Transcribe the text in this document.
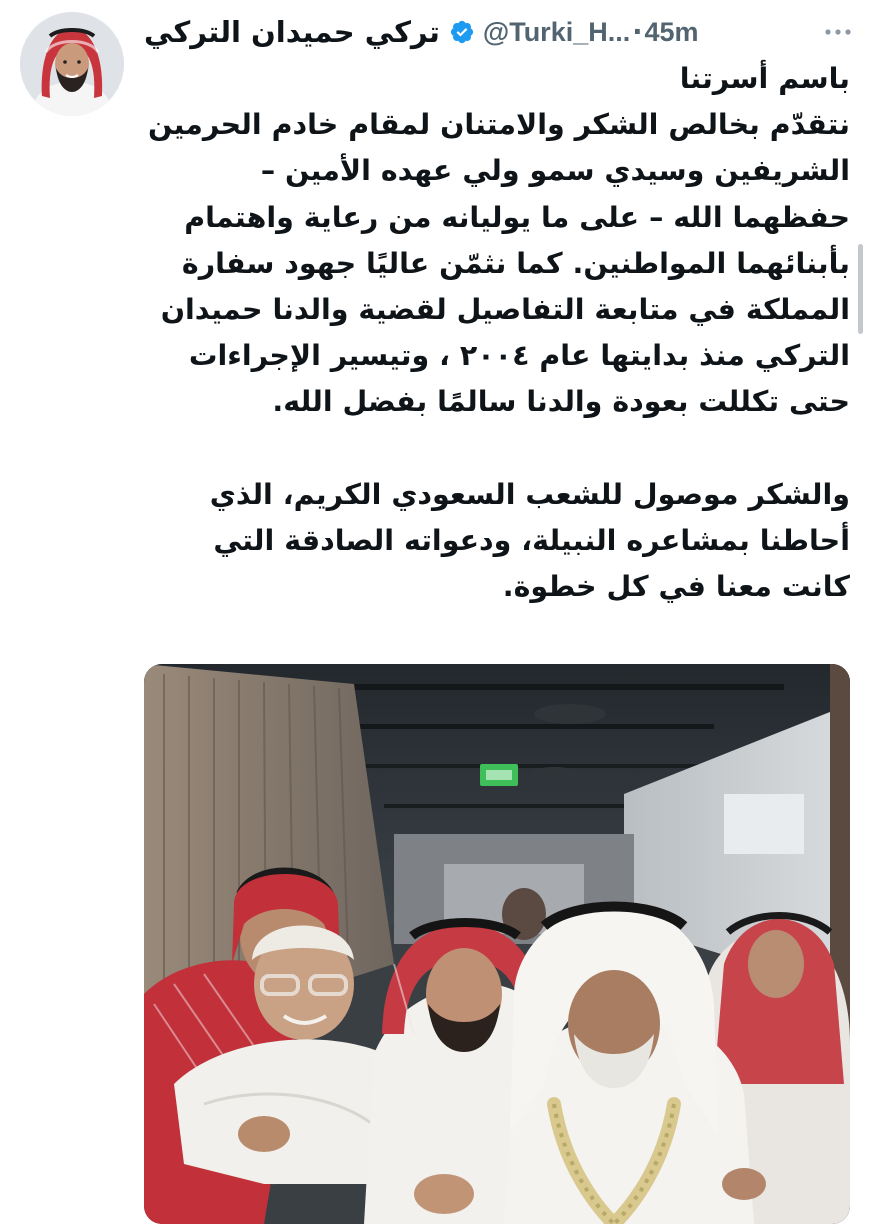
تركي حميدان التركي @Turki_H... · 45m

باسم أسرتنا

نتقدّم بخالص الشكر والامتنان لمقام خادم الحرمين الشريفين وسيدي سمو ولي عهده الأمين – حفظهما الله – على ما يوليانه من رعاية واهتمام بأبنائهما المواطنين. كما نثمّن عاليًا جهود سفارة المملكة في متابعة التفاصيل لقضية والدنا حميدان التركي منذ بدايتها عام ٢٠٠٤ ، وتيسير الإجراءات حتى تكللت بعودة والدنا سالمًا بفضل الله.

والشكر موصول للشعب السعودي الكريم، الذي أحاطنا بمشاعره النبيلة، ودعواته الصادقة التي كانت معنا في كل خطوة.
